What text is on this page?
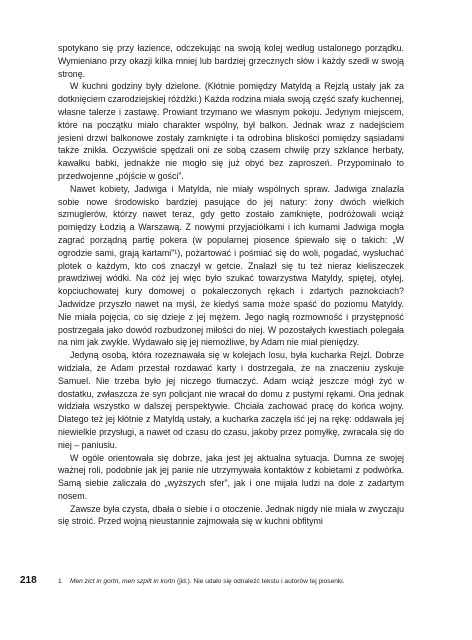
spotykano się przy łazience, odczekując na swoją kolej według ustalonego porządku. Wymieniano przy okazji kilka mniej lub bardziej grzecznych słów i każdy szedł w swoją stronę.

W kuchni godziny były dzielone. (Kłótnie pomiędzy Matyldą a Rejzlą ustały jak za dotknięciem czarodziejskiej różdżki.) Każda rodzina miała swoją część szafy kuchennej, własne talerze i zastawę. Prowiant trzymano we własnym pokoju. Jedynym miejscem, które na początku miało charakter wspólny, był balkon. Jednak wraz z nadejściem jesieni drzwi balkonowe zostały zamknięte i ta odrobina bliskości pomiędzy sąsiadami także znikła. Oczywiście spędzali oni ze sobą czasem chwilę przy szklance herbaty, kawałku babki, jednakże nie mogło się już obyć bez zaproszeń. Przypominało to przedwojenne „pójście w gości”.

Nawet kobiety, Jadwiga i Matylda, nie miały wspólnych spraw. Jadwiga znalazła sobie nowe środowisko bardziej pasujące do jej natury: żony dwóch wielkich szmuglerów, którzy nawet teraz, gdy getto zostało zamknięte, podróżowali wciąż pomiędzy Łodzią a Warszawą. Z nowymi przyjaciółkami i ich kumami Jadwiga mogła zagrać porządną partię pokera (w popularnej piosence śpiewało się o takich: „W ogrodzie sami, grają kartami”¹), pożartować i pośmiać się do woli, pogadać, wysłuchać plotek o każdym, kto coś znaczył w getcie. Znalazł się tu też nieraz kieliszeczek prawdziwej wódki. Na cóż jej więc było szukać towarzystwa Matyldy, spiętej, otyłej, kopciuchowatej kury domowej o pokaleczonych rękach i zdartych paznokciach? Jadwidze przyszło nawet na myśl, że kiedyś sama może spaść do poziomu Matyldy. Nie miała pojęcia, co się dzieje z jej mężem. Jego nagłą rozmowność i przystępność postrzegała jako dowód rozbudzonej miłości do niej. W pozostałych kwestiach polegała na nim jak zwykle. Wydawało się jej niemożliwe, by Adam nie miał pieniędzy.

Jedyną osobą, która rozeznawała się w kolejach losu, była kucharka Rejzl. Dobrze widziała, że Adam przestał rozdawać karty i dostrzegała, że na znaczeniu zyskuje Samuel. Nie trzeba było jej niczego tłumaczyć. Adam wciąż jeszcze mógł żyć w dostatku, zwłaszcza że syn policjant nie wracał do domu z pustymi rękami. Ona jednak widziała wszystko w dalszej perspektywie. Chciała zachować pracę do końca wojny. Dlatego też jej kłótnie z Matyldą ustały, a kucharka zaczęła iść jej na rękę: oddawała jej niewielkie przysługi, a nawet od czasu do czasu, jakoby przez pomyłkę, zwracała się do niej – paniusiu.

W ogóle orientowała się dobrze, jaka jest jej aktualna sytuacja. Dumna ze swojej ważnej roli, podobnie jak jej panie nie utrzymywała kontaktów z kobietami z podwórka. Samą siebie zaliczała do „wyższych sfer”, jak i one mijała ludzi na dole z zadartym nosem.

Zawsze była czysta, dbała o siebie i o otoczenie. Jednak nigdy nie miała w zwyczaju się stroić. Przed wojną nieustannie zajmowała się w kuchni obfitymi

218	1 Men zict in gortn, men szpilt in kortn (jid.). Nie udało się odnaleźć tekstu i autorów tej piosenki.
